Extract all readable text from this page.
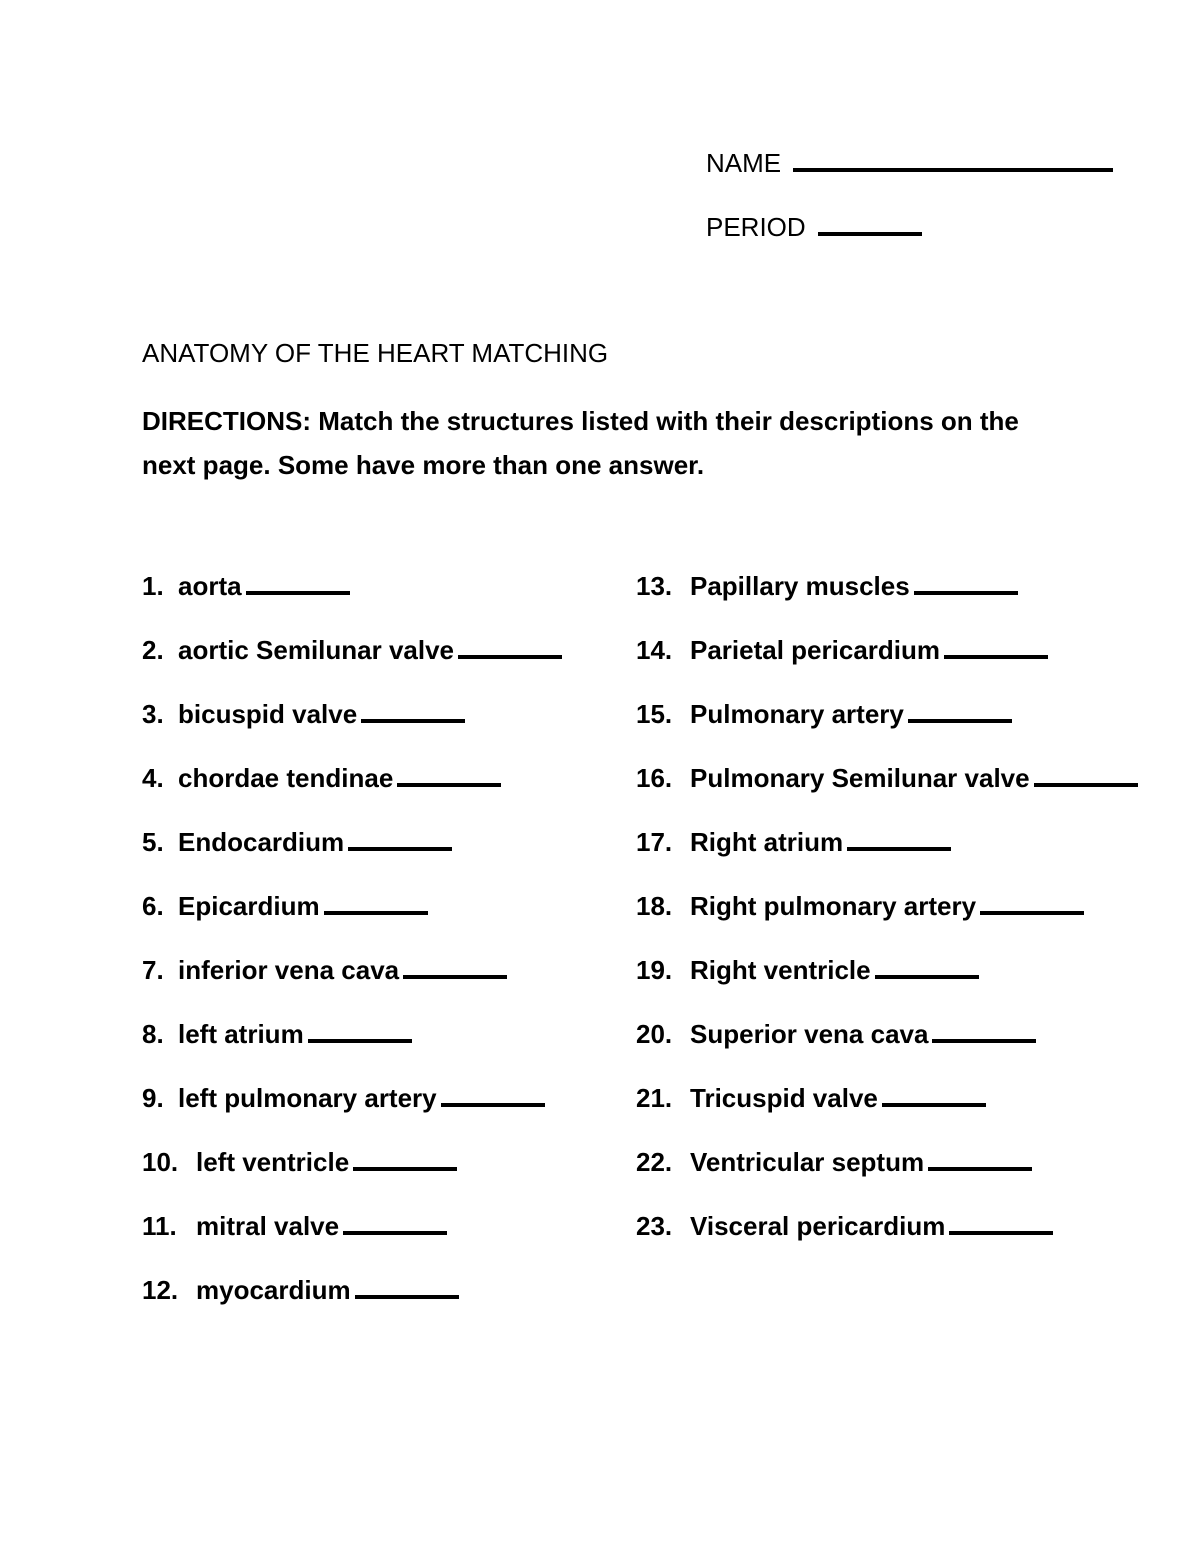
NAME
PERIOD
ANATOMY OF THE HEART MATCHING
DIRECTIONS: Match the structures listed with their descriptions on the next page. Some have more than one answer.
1. aorta
2. aortic Semilunar valve
3. bicuspid valve
4. chordae tendinae
5. Endocardium
6. Epicardium
7. inferior vena cava
8. left atrium
9. left pulmonary artery
10. left ventricle
11. mitral valve
12. myocardium
13. Papillary muscles
14. Parietal pericardium
15. Pulmonary artery
16. Pulmonary Semilunar valve
17. Right atrium
18. Right pulmonary artery
19. Right ventricle
20. Superior vena cava
21. Tricuspid valve
22. Ventricular septum
23. Visceral pericardium
